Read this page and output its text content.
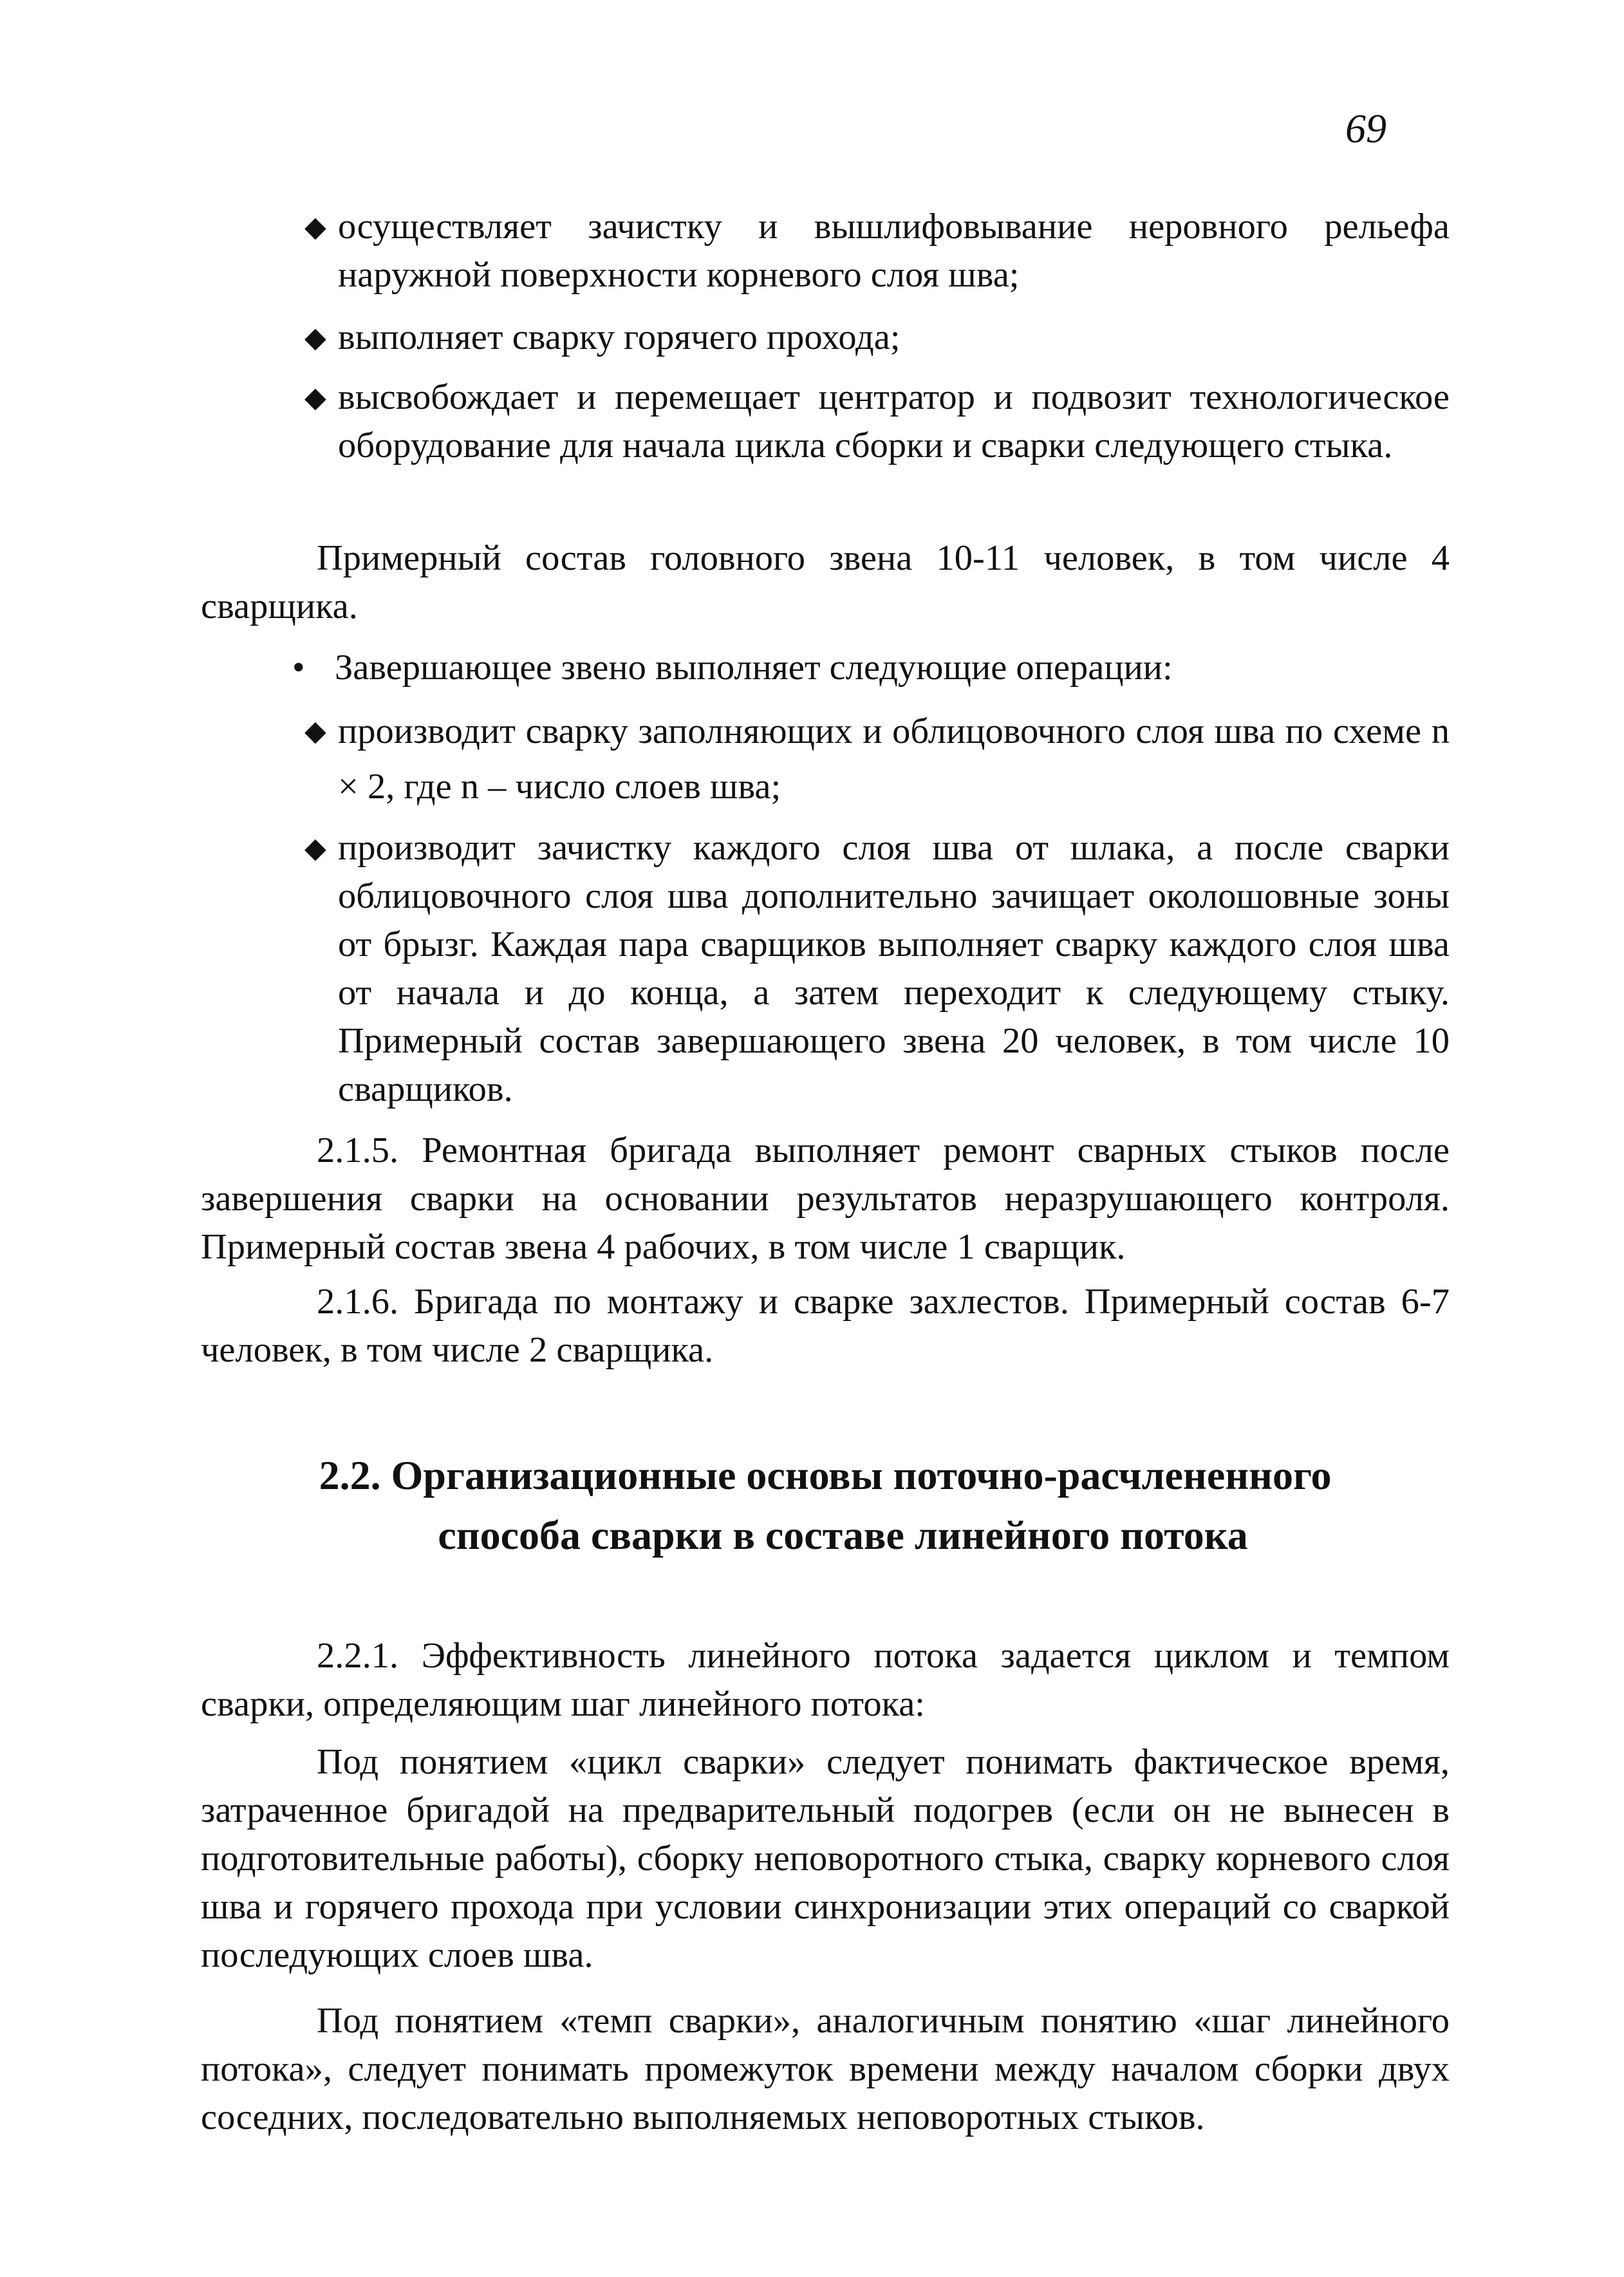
69
◆ осуществляет зачистку и вышлифовывание неровного рельефа наружной поверхности корневого слоя шва;
◆ выполняет сварку горячего прохода;
◆ высвобождает и перемещает центратор и подвозит технологическое оборудование для начала цикла сборки и сварки следующего стыка.

Примерный состав головного звена 10-11 человек, в том числе 4 сварщика.

• Завершающее звено выполняет следующие операции:
◆ производит сварку заполняющих и облицовочного слоя шва по схеме n × 2, где n – число слоев шва;
◆ производит зачистку каждого слоя шва от шлака, а после сварки облицовочного слоя шва дополнительно зачищает околошовные зоны от брызг. Каждая пара сварщиков выполняет сварку каждого слоя шва от начала и до конца, а затем переходит к следующему стыку. Примерный состав завершающего звена 20 человек, в том числе 10 сварщиков.

2.1.5. Ремонтная бригада выполняет ремонт сварных стыков после завершения сварки на основании результатов неразрушающего контроля. Примерный состав звена 4 рабочих, в том числе 1 сварщик.

2.1.6. Бригада по монтажу и сварке захлестов. Примерный состав 6-7 человек, в том числе 2 сварщика.

2.2. Организационные основы поточно-расчлененного
способа сварки в составе линейного потока

2.2.1. Эффективность линейного потока задается циклом и темпом сварки, определяющим шаг линейного потока:

Под понятием «цикл сварки» следует понимать фактическое время, затраченное бригадой на предварительный подогрев (если он не вынесен в подготовительные работы), сборку неповоротного стыка, сварку корневого слоя шва и горячего прохода при условии синхронизации этих операций со сваркой последующих слоев шва.

Под понятием «темп сварки», аналогичным понятию «шаг линейного потока», следует понимать промежуток времени между началом сборки двух соседних, последовательно выполняемых неповоротных стыков.
